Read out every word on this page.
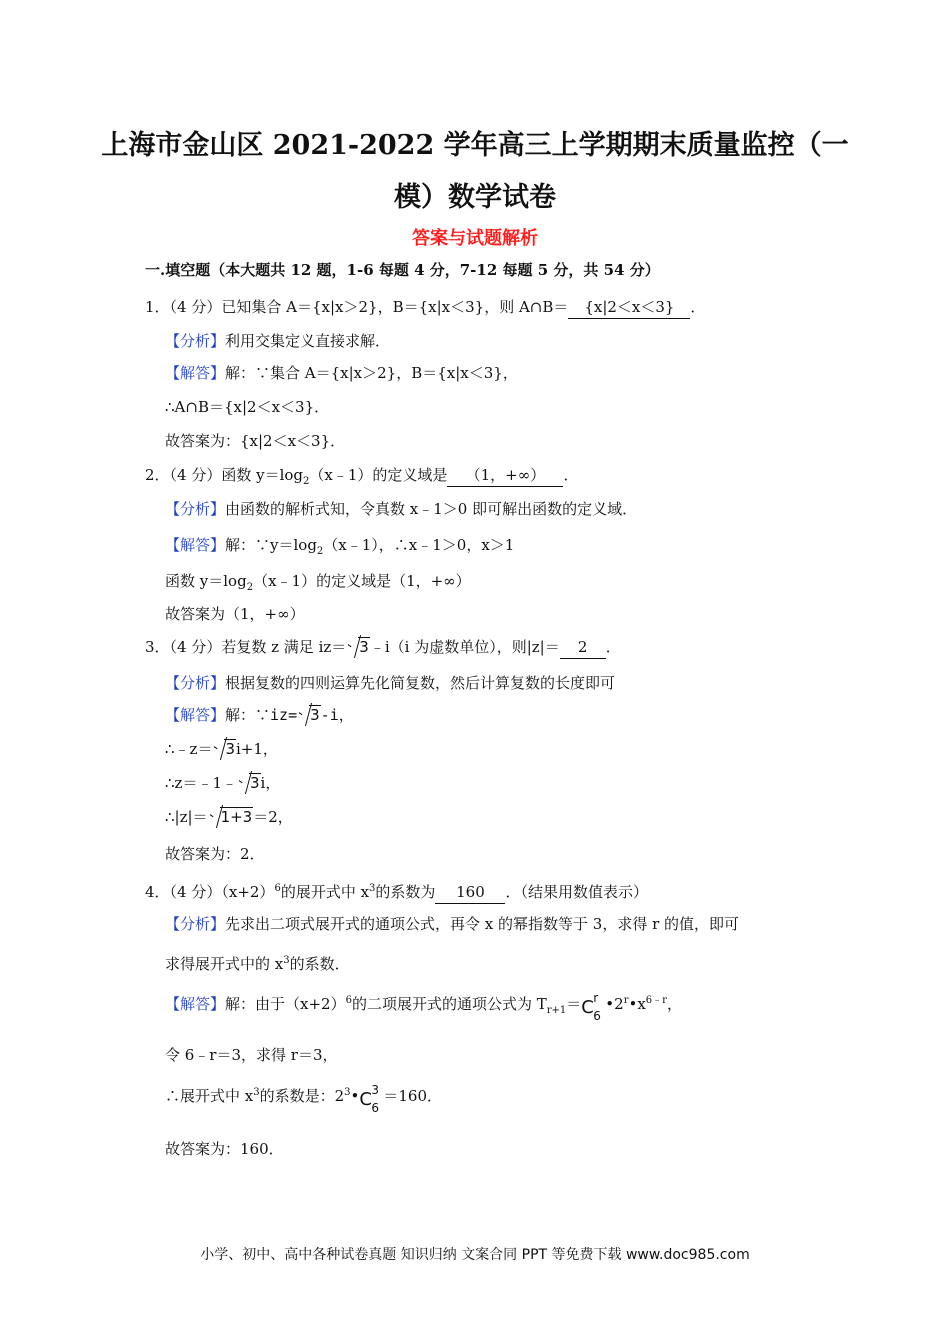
上海市金山区 2021-2022 学年高三上学期期末质量监控（一
模）数学试卷
答案与试题解析
一.填空题（本大题共 12 题，1-6 每题 4 分，7-12 每题 5 分，共 54 分）
1．（4 分）已知集合 A＝{x|x＞2}，B＝{x|x＜3}，则 A∩B＝ {x|2＜x＜3} ．
【分析】利用交集定义直接求解．
【解答】解：∵集合 A＝{x|x＞2}，B＝{x|x＜3}，
∴A∩B＝{x|2＜x＜3}．
故答案为：{x|2＜x＜3}．
2．（4 分）函数 $y=\log_2(x﹣1)$的定义域是 （1，+∞） ．
【分析】由函数的解析式知，令真数 x﹣1＞0 即可解出函数的定义域．
【解答】解：$\because y=\log_2(x﹣1)$，∴x﹣1＞0，x＞1
函数 $y=\log_2(x﹣1)$的定义域是（1，+∞）
故答案为（1，+∞）
3．（4 分）若复数 z 满足 iz＝ 3﹣i（i 为虚数单位），则|z|＝ 2 ．
【分析】根据复数的四则运算先化简复数，然后计算复数的长度即可
【解答】解：∵iz= 3-i，
∴﹣z＝ 3i+1，
∴z＝﹣1﹣ 3i，
∴|z|＝ 1+3＝2，
故答案为：2．
4．（4 分）$(x+2)^6$的展开式中 $x^3$的系数为 160 ．（结果用数值表示）
【分析】先求出二项式展开式的通项公式，再令 x 的幂指数等于 3，求得 r 的值，即可
求得展开式中的 $x^3$的系数．
【解答】解：由于$(x+2)^6$的二项展开式的通项公式为 $T_{r+1}= C$ r
6
$•2^r•x^{6﹣r}$，
令 6﹣r＝3，求得 r＝3，
∴展开式中 $x^3$的系数是：$2^3•$ C 3
6
＝160．
故答案为：160．
小学、初中、高中各种试卷真题 知识归纳 文案合同 PPT 等免费下载 www.doc985.com
